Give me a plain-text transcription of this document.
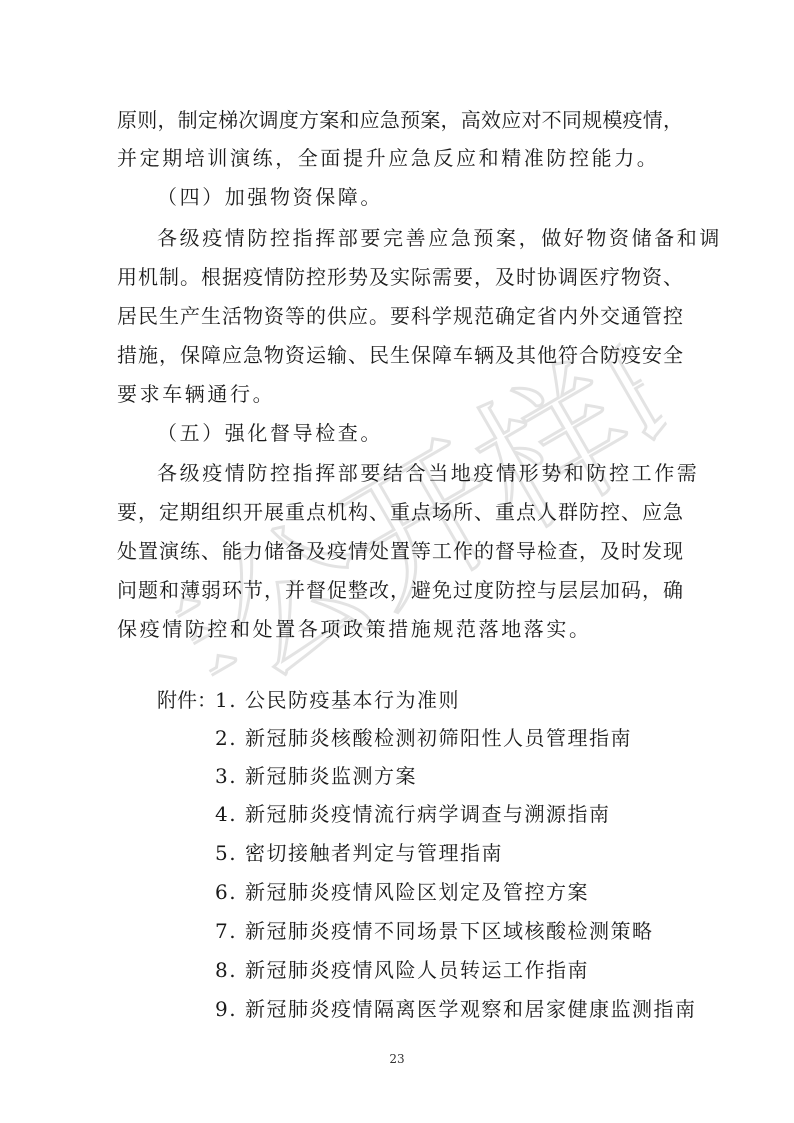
非公开样印
原则，制定梯次调度方案和应急预案，高效应对不同规模疫情，
并定期培训演练，全面提升应急反应和精准防控能力。
（四）加强物资保障。
各级疫情防控指挥部要完善应急预案，做好物资储备和调
用机制。根据疫情防控形势及实际需要，及时协调医疗物资、
居民生产生活物资等的供应。要科学规范确定省内外交通管控
措施，保障应急物资运输、民生保障车辆及其他符合防疫安全
要求车辆通行。
（五）强化督导检查。
各级疫情防控指挥部要结合当地疫情形势和防控工作需
要，定期组织开展重点机构、重点场所、重点人群防控、应急
处置演练、能力储备及疫情处置等工作的督导检查，及时发现
问题和薄弱环节，并督促整改，避免过度防控与层层加码，确
保疫情防控和处置各项政策措施规范落地落实。
附件：
1. 公民防疫基本行为准则
2. 新冠肺炎核酸检测初筛阳性人员管理指南
3. 新冠肺炎监测方案
4. 新冠肺炎疫情流行病学调查与溯源指南
5. 密切接触者判定与管理指南
6. 新冠肺炎疫情风险区划定及管控方案
7. 新冠肺炎疫情不同场景下区域核酸检测策略
8. 新冠肺炎疫情风险人员转运工作指南
9. 新冠肺炎疫情隔离医学观察和居家健康监测指南
23
